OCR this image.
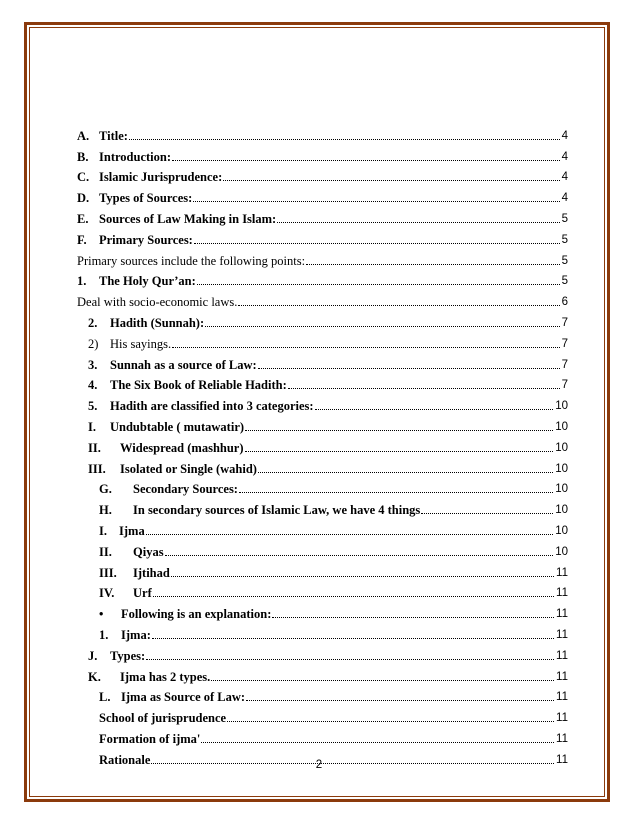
A. Title:	4
B. Introduction:	4
C. Islamic Jurisprudence:	4
D. Types of Sources:	4
E. Sources of Law Making in Islam:	5
F. Primary Sources:	5
Primary sources include the following points:	5
1.	The Holy Qur’an:	5
Deal with socio-economic laws.	6
2.	Hadith (Sunnah):	7
2) His sayings.	7
3.	Sunnah as a source of Law:	7
4.	The Six Book of Reliable Hadith:	7
5.	Hadith are classified into 3 categories:	10
I.	Undubtable ( mutawatir)	10
II.	Widespread (mashhur)	10
III.	Isolated or Single (wahid)	10
G.	Secondary Sources:	10
H.	In secondary sources of Islamic Law, we have 4 things	10
I. Ijma	10
II.	Qiyas	10
III.	Ijtihad	11
IV.	Urf	11
•	Following is an explanation:	11
1.	Ijma:	11
J.	Types:	11
K.	Ijma has 2 types.	11
L. Ijma as Source of Law:	11
School of jurisprudence	11
Formation of ijma'	11
Rationale	11
2
